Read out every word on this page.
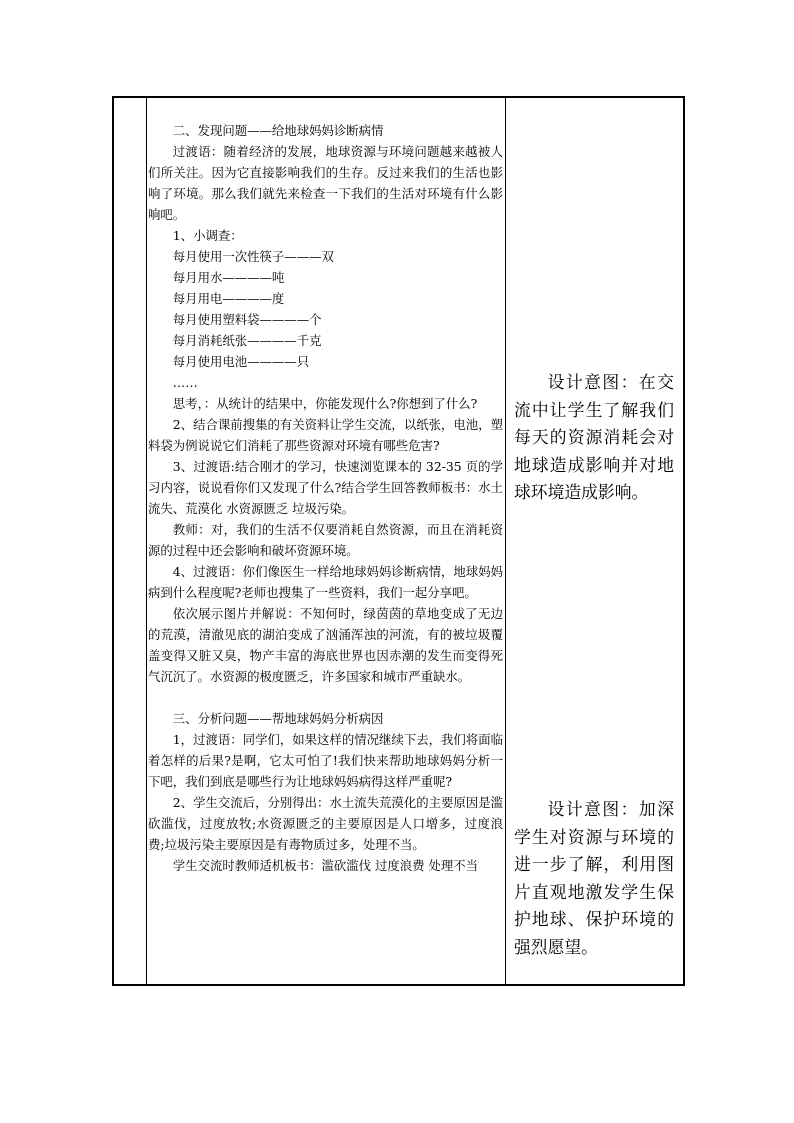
二、发现问题——给地球妈妈诊断病情

过渡语：随着经济的发展，地球资源与环境问题越来越被人们所关注。因为它直接影响我们的生存。反过来我们的生活也影响了环境。那么我们就先来检查一下我们的生活对环境有什么影响吧。

1、小调查：

每月使用一次性筷子———双

每月用水————吨

每月用电————度

每月使用塑料袋————个

每月消耗纸张————千克

每月使用电池————只

……

思考，：从统计的结果中，你能发现什么?你想到了什么?

2、结合课前搜集的有关资料让学生交流，以纸张，电池，塑料袋为例说说它们消耗了那些资源对环境有哪些危害?

3、过渡语:结合刚才的学习，快速浏览课本的 32-35 页的学习内容，说说看你们又发现了什么?结合学生回答教师板书：水土流失、荒漠化 水资源匮乏 垃圾污染。

教师：对，我们的生活不仅要消耗自然资源，而且在消耗资源的过程中还会影响和破坏资源环境。

4、过渡语：你们像医生一样给地球妈妈诊断病情，地球妈妈病到什么程度呢?老师也搜集了一些资料，我们一起分享吧。

依次展示图片并解说：不知何时，绿茵茵的草地变成了无边的荒漠，清澈见底的湖泊变成了汹涌浑浊的河流，有的被垃圾覆盖变得又脏又臭，物产丰富的海底世界也因赤潮的发生而变得死气沉沉了。水资源的极度匮乏，许多国家和城市严重缺水。

三、分析问题——帮地球妈妈分析病因

1，过渡语：同学们，如果这样的情况继续下去，我们将面临着怎样的后果?是啊，它太可怕了!我们快来帮助地球妈妈分析一下吧，我们到底是哪些行为让地球妈妈病得这样严重呢?

2、学生交流后，分别得出：水土流失荒漠化的主要原因是滥砍滥伐，过度放牧;水资源匮乏的主要原因是人口增多，过度浪费;垃圾污染主要原因是有毒物质过多，处理不当。

学生交流时教师适机板书：滥砍滥伐 过度浪费 处理不当

设计意图：在交流中让学生了解我们每天的资源消耗会对地球造成影响并对地球环境造成影响。
设计意图：加深学生对资源与环境的进一步了解，利用图片直观地激发学生保护地球、保护环境的强烈愿望。
